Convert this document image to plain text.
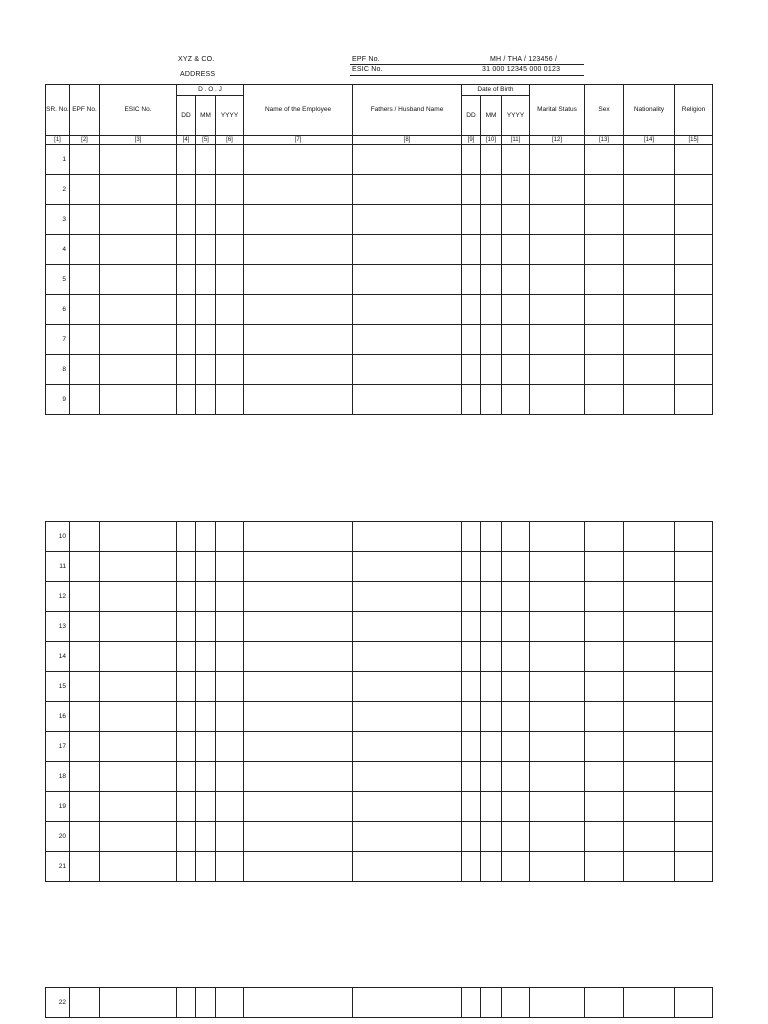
XYZ & CO.
ADDRESS
EPF No.	MH / THA / 123456 /
ESIC No.	31 000 12345 000 0123
SR. No.	EPF No.	ESIC No.	D . O . J			Name of the Employee	Fathers / Husband Name	Date of Birth			Marital Status	Sex	Nationality	Religion
			DD	MM	YYYY			DD	MM	YYYY				
[1]	[2]	[3]	[4]	[5]	[6]	[7]	[8]	[9]	[10]	[11]	[12]	[13]	[14]	[15]
1														
2														
3														
4														
5														
6														
7														
8														
9														
10														
11														
12														
13														
14														
15														
16														
17														
18														
19														
20														
21														
22														
